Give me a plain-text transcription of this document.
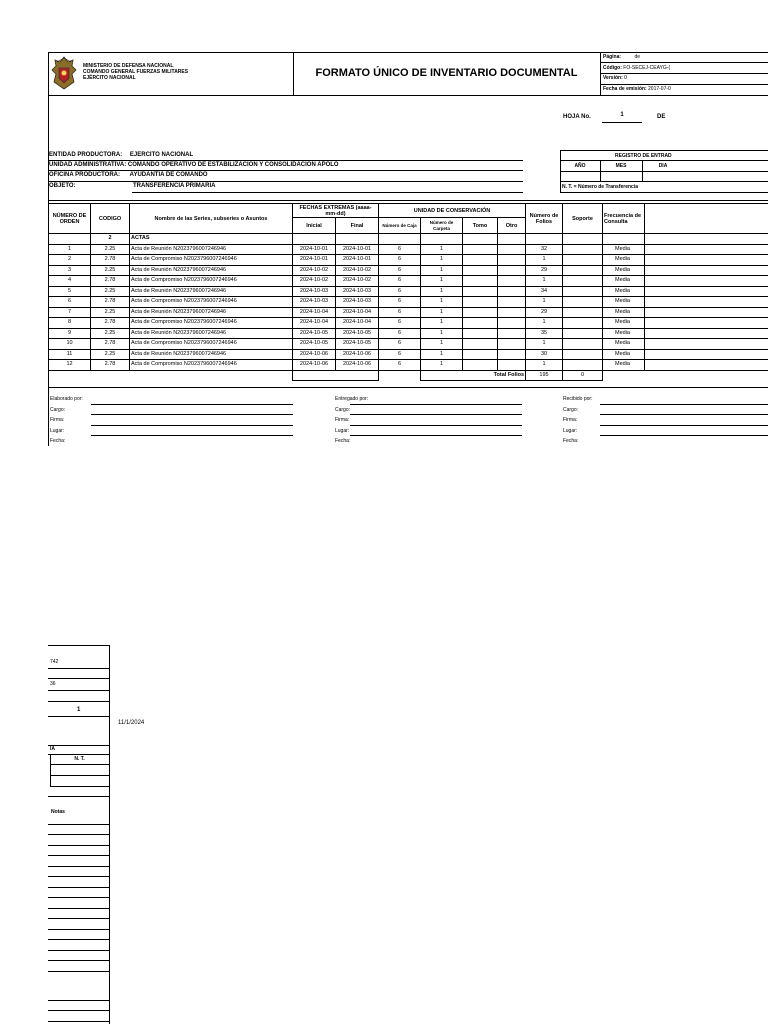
MINISTERIO DE DEFENSA NACIONAL
COMANDO GENERAL FUERZAS MILITARES
EJÉRCITO NACIONAL	FORMATO ÚNICO DE INVENTARIO DOCUMENTAL
Página:	de
Código: FO-SECEJ-CEAYG-(
Versión: 0
Fecha de emisión: 2017-07-0
HOJA No.	1	DE
ENTIDAD PRODUCTORA: EJERCITO NACIONAL
UNIDAD ADMINISTRATIVA: COMANDO OPERATIVO DE ESTABILIZACION Y CONSOLIDACION APOLO
OFICINA PRODUCTORA: AYUDANTIA DE COMANDO
OBJETO:	TRANSFERENCIA PRIMARIA
REGISTRO DE ENTRAD
AÑO	MES	DIA
N. T. = Número de Transferencia
NÚMERO DE ORDEN	CODIGO	Nombre de las Series, subseries o Asuntos	FECHAS EXTREMAS (aaaa-mm-dd)		UNIDAD DE CONSERVACIÓN				Número de Folios	Soporte	Frecuencia de Consulta	
			Inicial	Final	Número de Caja	Número de Carpeta	Tomo	Otro				
	2	ACTAS										
1	2.25	Acta de Reunión N2023796007246946	2024-10-01	2024-10-01	6	1			32		Media	
2	2.78	Acta de Compromiso N2023796007246946	2024-10-01	2024-10-01	6	1			1		Media	
3	2.25	Acta de Reunión N2023796007246946	2024-10-02	2024-10-02	6	1			29		Media	
4	2.78	Acta de Compromiso N2023796007246946	2024-10-02	2024-10-02	6	1			1		Media	
5	2.25	Acta de Reunión N2023796007246946	2024-10-03	2024-10-03	6	1			34		Media	
6	2.78	Acta de Compromiso N2023796007246946	2024-10-03	2024-10-03	6	1			1		Media	
7	2.25	Acta de Reunión N2023796007246946	2024-10-04	2024-10-04	6	1			29		Media	
8	2.78	Acta de Compromiso N2023796007246946	2024-10-04	2024-10-04	6	1			1		Media	
9	2.25	Acta de Reunión N2023796007246946	2024-10-05	2024-10-05	6	1			35		Media	
10	2.78	Acta de Compromiso N2023796007246946	2024-10-05	2024-10-05	6	1			1		Media	
11	2.25	Acta de Reunión N2023796007246946	2024-10-06	2024-10-06	6	1			30		Media	
12	2.78	Acta de Compromiso N2023796007246946	2024-10-06	2024-10-06	6	1			1		Media	
						Total Folios			195	0		
Elaborado por:
Cargo:
Firma:
Lugar:
Fecha:
Entregado por:
Cargo:
Firma:
Lugar:
Fecha:
Recibido por:
Cargo:
Firma:
Lugar:
Fecha:
742
36
1
11/1/2024
IA
N. T.
Notas
